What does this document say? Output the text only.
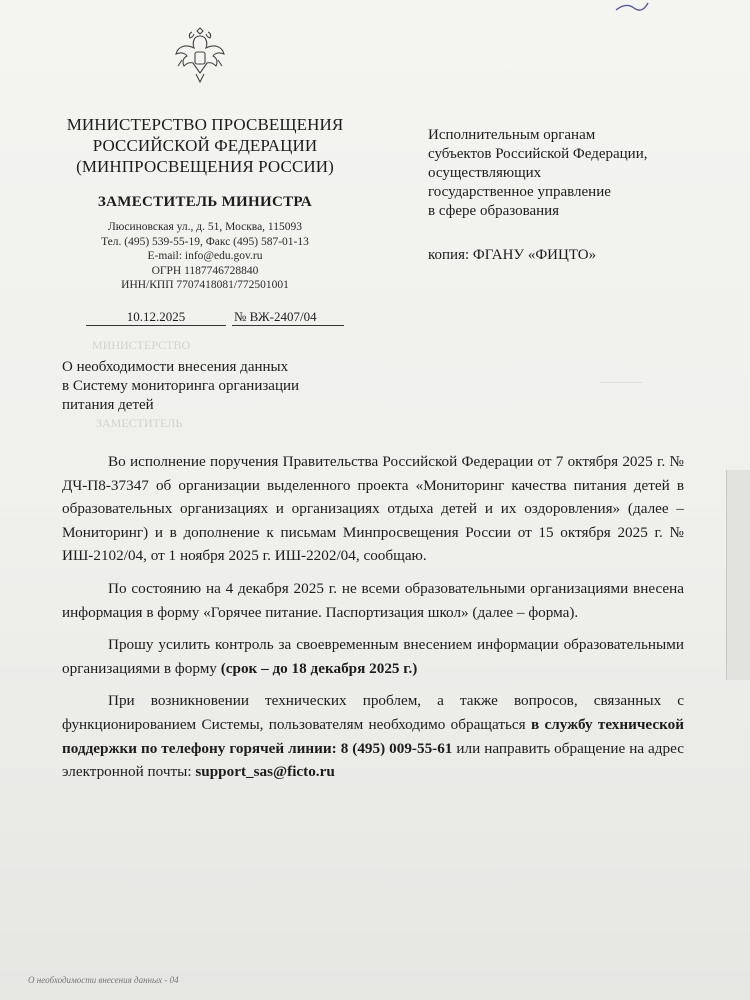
МИНИСТЕРСТВО ПРОСВЕЩЕНИЯ
РОССИЙСКОЙ ФЕДЕРАЦИИ
(МИНПРОСВЕЩЕНИЯ РОССИИ)
ЗАМЕСТИТЕЛЬ МИНИСТРА
Люсиновская ул., д. 51, Москва, 115093
Тел. (495) 539-55-19, Факс (495) 587-01-13
E-mail: info@edu.gov.ru
ОГРН 1187746728840
ИНН/КПП 7707418081/772501001
10.12.2025	№ ВЖ-2407/04
Исполнительным органам
субъектов Российской Федерации,
осуществляющих
государственное управление
в сфере образования
копия: ФГАНУ «ФИЦТО»
О необходимости внесения данных
в Систему мониторинга организации
питания детей
МИНИСТЕРСТВО
_______
ЗАМЕСТИТЕЛЬ

Во исполнение поручения Правительства Российской Федерации от 7 октября 2025 г. № ДЧ-П8-37347 об организации выделенного проекта «Мониторинг качества питания детей в образовательных организациях и организациях отдыха детей и их оздоровления» (далее – Мониторинг) и в дополнение к письмам Минпросвещения России от 15 октября 2025 г. № ИШ-2102/04, от 1 ноября 2025 г. ИШ-2202/04, сообщаю.

По состоянию на 4 декабря 2025 г. не всеми образовательными организациями внесена информация в форму «Горячее питание. Паспортизация школ» (далее – форма).

Прошу усилить контроль за своевременным внесением информации образовательными организациями в форму (срок – до 18 декабря 2025 г.)

При возникновении технических проблем, а также вопросов, связанных с функционированием Системы, пользователям необходимо обращаться в службу технической поддержки по телефону горячей линии: 8 (495) 009-55-61 или направить обращение на адрес электронной почты: support_sas@ficto.ru

О необходимости внесения данных - 04
